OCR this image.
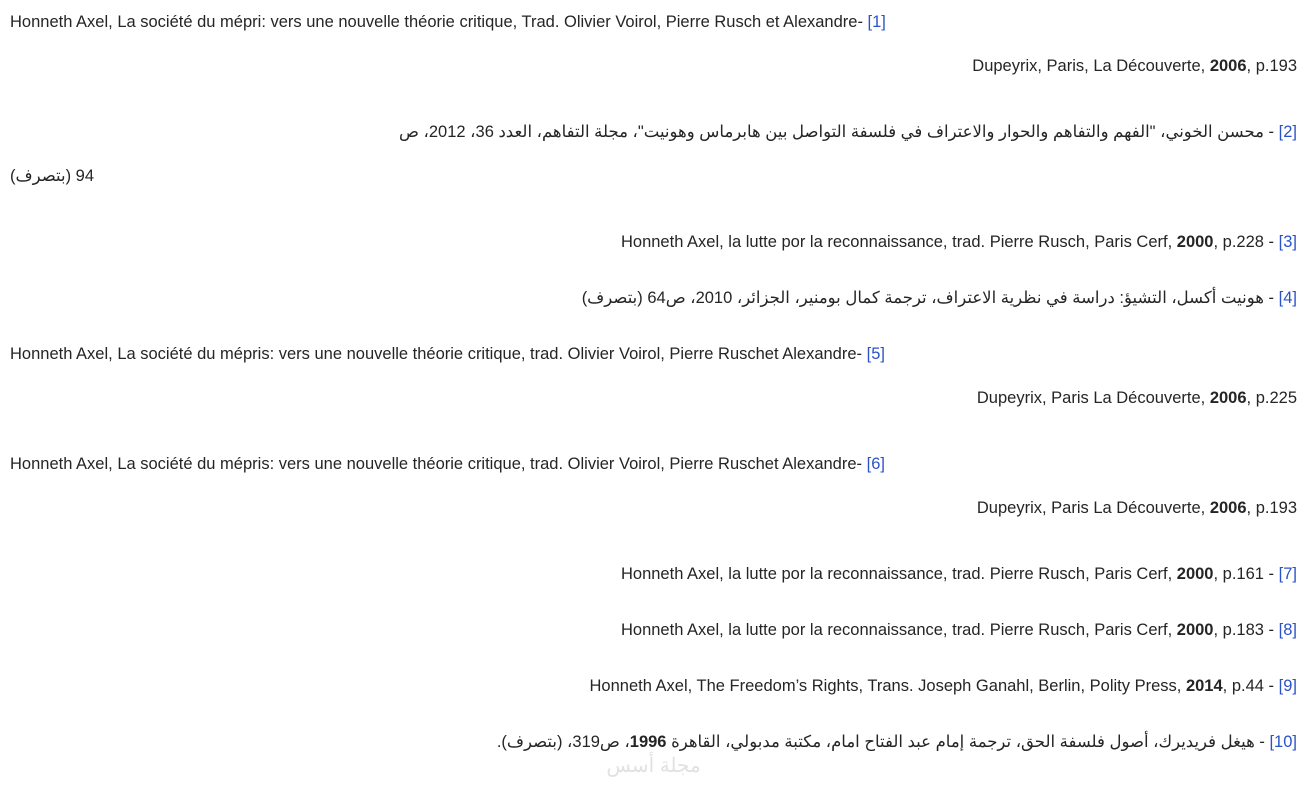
Honneth Axel, La société du mépri: vers une nouvelle théorie critique, Trad. Olivier Voirol, Pierre Rusch et Alexandre- [1]
Dupeyrix, Paris, La Découverte, 2006, p.193
[2] - محسن الخوني، "الفهم والتفاهم والحوار والاعتراف في فلسفة التواصل بين هابرماس وهونيت"، مجلة التفاهم، العدد 36، 2012، ص
94 (بتصرف)
Honneth Axel, la lutte por la reconnaissance, trad. Pierre Rusch, Paris Cerf, 2000, p.228 - [3]
[4] - هونيت أكسل، التشيؤ: دراسة في نظرية الاعتراف، ترجمة كمال بومنير، الجزائر، 2010، ص64 (بتصرف)
Honneth Axel, La société du mépris: vers une nouvelle théorie critique, trad. Olivier Voirol, Pierre Ruschet Alexandre- [5]
Dupeyrix, Paris La Découverte, 2006, p.225
Honneth Axel, La société du mépris: vers une nouvelle théorie critique, trad. Olivier Voirol, Pierre Ruschet Alexandre- [6]
Dupeyrix, Paris La Découverte, 2006, p.193
Honneth Axel, la lutte por la reconnaissance, trad. Pierre Rusch, Paris Cerf, 2000, p.161 - [7]
Honneth Axel, la lutte por la reconnaissance, trad. Pierre Rusch, Paris Cerf, 2000, p.183 - [8]
Honneth Axel, The Freedom’s Rights, Trans. Joseph Ganahl, Berlin, Polity Press, 2014, p.44 - [9]
[10] - هيغل فريديرك، أصول فلسفة الحق، ترجمة إمام عبد الفتاح امام، مكتبة مدبولي، القاهرة 1996، ص319، (بتصرف).
مجلة أسس
